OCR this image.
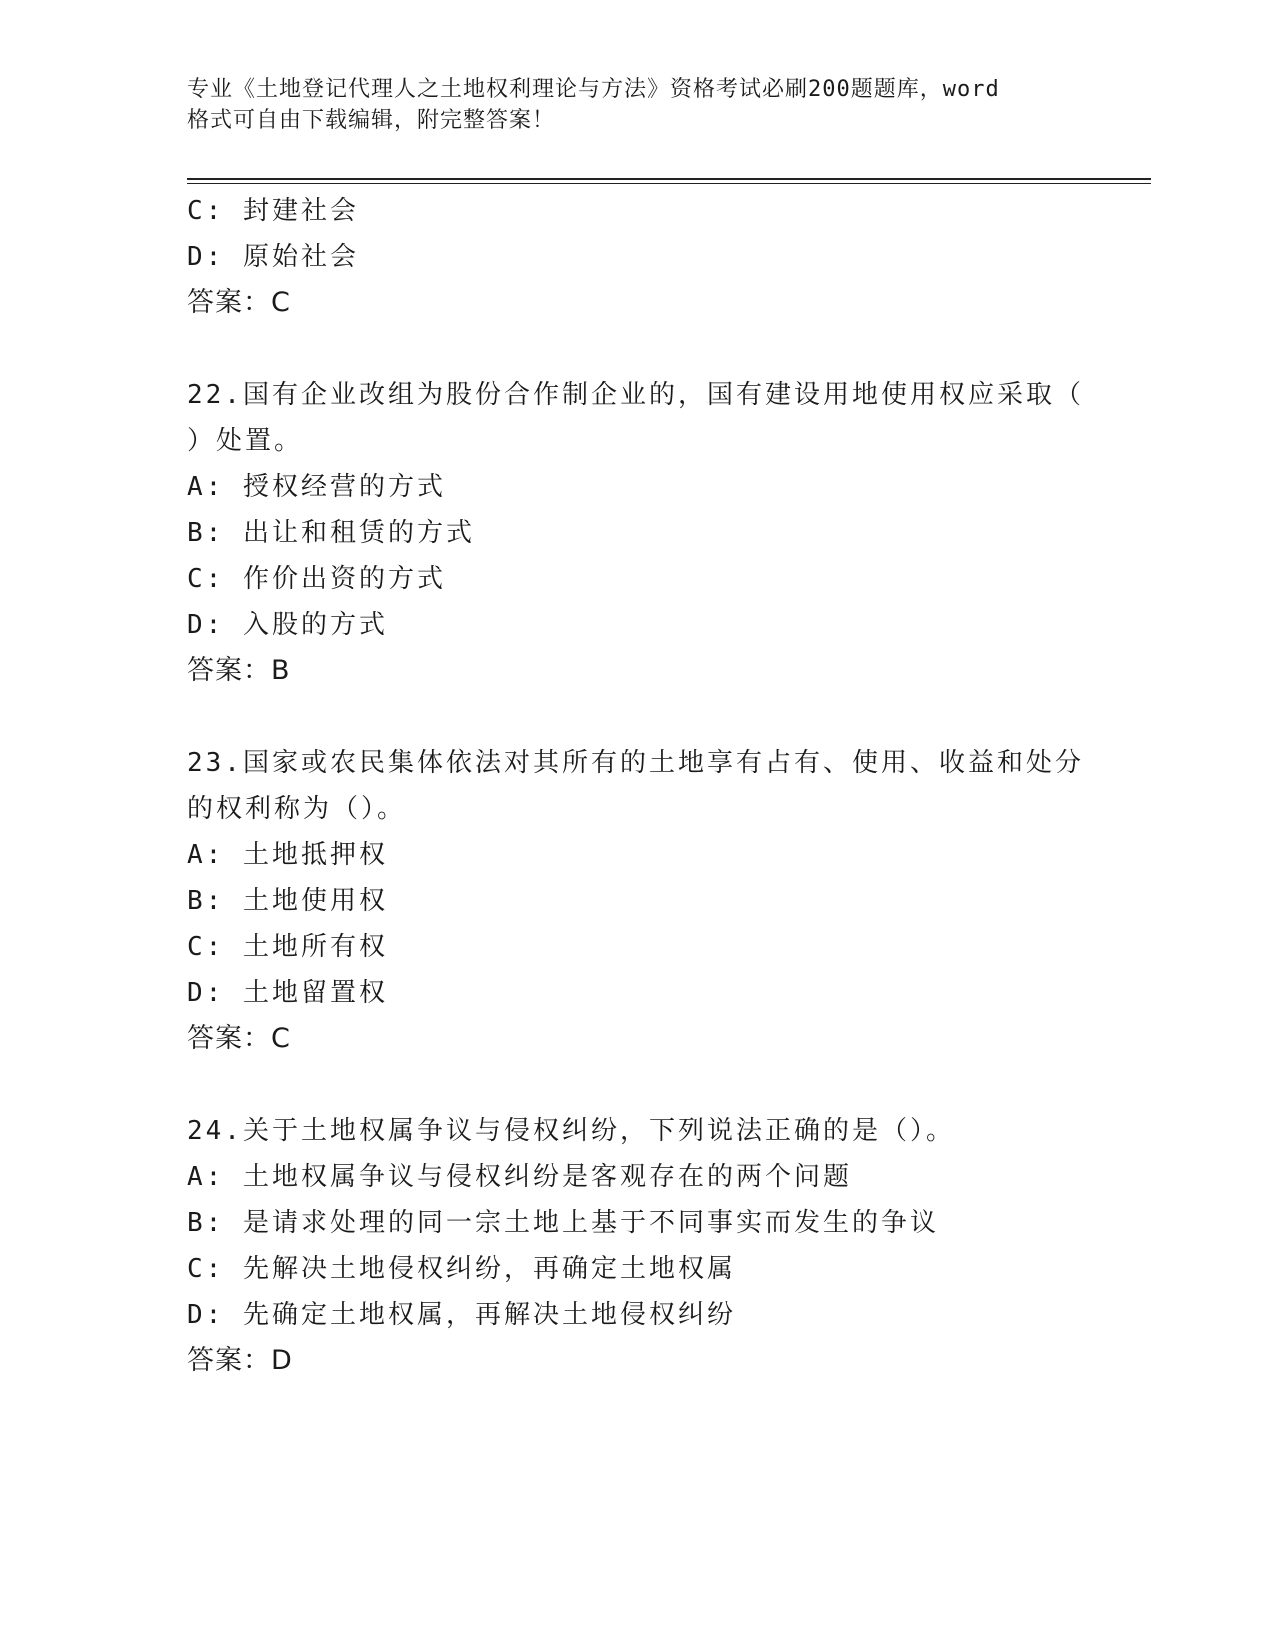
专业《土地登记代理人之土地权利理论与方法》资格考试必刷200题题库，word
格式可自由下载编辑，附完整答案！
C: 封建社会
D: 原始社会
答案：C
22.国有企业改组为股份合作制企业的，国有建设用地使用权应采取（
）处置。
A: 授权经营的方式
B: 出让和租赁的方式
C: 作价出资的方式
D: 入股的方式
答案：B
23.国家或农民集体依法对其所有的土地享有占有、使用、收益和处分
的权利称为（）。
A: 土地抵押权
B: 土地使用权
C: 土地所有权
D: 土地留置权
答案：C
24.关于土地权属争议与侵权纠纷，下列说法正确的是（）。
A: 土地权属争议与侵权纠纷是客观存在的两个问题
B: 是请求处理的同一宗土地上基于不同事实而发生的争议
C: 先解决土地侵权纠纷，再确定土地权属
D: 先确定土地权属，再解决土地侵权纠纷
答案：D
